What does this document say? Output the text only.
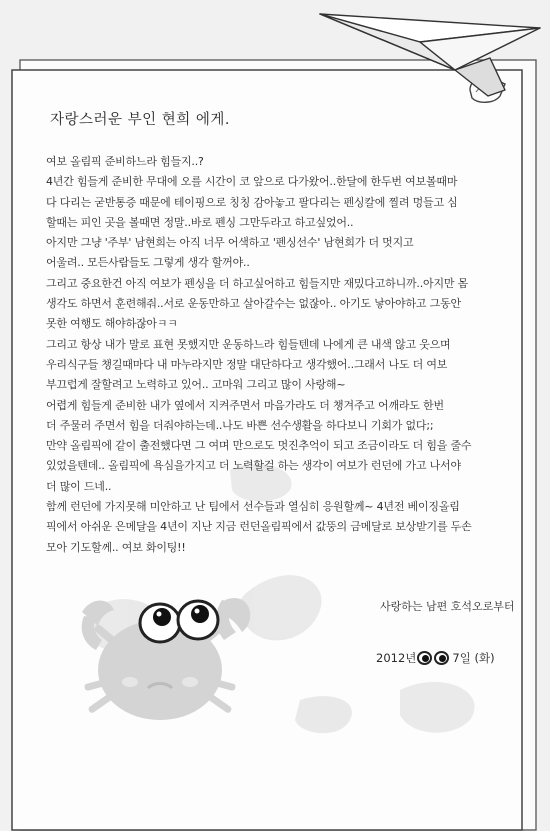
자랑스러운 부인 현희 에게.
여보 올림픽 준비하느라 힘들지..?
4년간 힘들게 준비한 무대에 오를 시간이 코 앞으로 다가왔어..한달에 한두번 여보볼때마
다 다리는 굳반통증 때문에 테이핑으로 칭칭 감아놓고 팔다리는 펜싱칼에 찔려 멍들고 심
할때는 피인 곳을 볼때면 정말..바로 펜싱 그만두라고 하고싶었어..
아지만 그냥 '주부' 남현희는 아직 너무 어색하고 '펜싱선수' 남현희가 더 멋지고
어울려.. 모든사람들도 그렇게 생각 할꺼야..
그리고 중요한건 아직 여보가 펜싱을 더 하고싶어하고 힘들지만 재밌다고하니까..아지만 몸
생각도 하면서 훈련해줘..서로 운동만하고 살아갈수는 없잖아.. 아기도 낳아야하고 그동안
못한 여행도 해야하잖아ㅋㅋ
그리고 항상 내가 말로 표현 못했지만 운동하느라 힘들텐데 나에게 큰 내색 않고 웃으며
우리식구들 챙길때마다 내 마누라지만 정말 대단하다고 생각했어..그래서 나도 더 여보
부끄럽게 잘할려고 노력하고 있어.. 고마워 그리고 많이 사랑해~
어렵게 힘들게 준비한 내가 옆에서 지켜주면서 마음가라도 더 챙겨주고 어깨라도 한번
더 주물러 주면서 힘을 더줘야하는데..나도 바쁜 선수생활을 하다보니 기회가 없다;;
만약 올림픽에 같이 출전했다면 그 여며 만으로도 멋진추억이 되고 조금이라도 더 힘을 줄수
있었을텐데.. 올림픽에 욕심을가지고 더 노력할걸 하는 생각이 여보가 런던에 가고 나서야
더 많이 드네..
함께 런던에 가지못해 미안하고 난 팀에서 선수들과 열심히 응원할께~ 4년전 베이징올림
픽에서 아쉬운 은메달을 4년이 지난 지금 런던올림픽에서 값뚱의 금메달로 보상받기를 두손
모아 기도할께.. 여보 화이팅!!
사랑하는 남편 호석오로부터
2012년	7일 (화)
